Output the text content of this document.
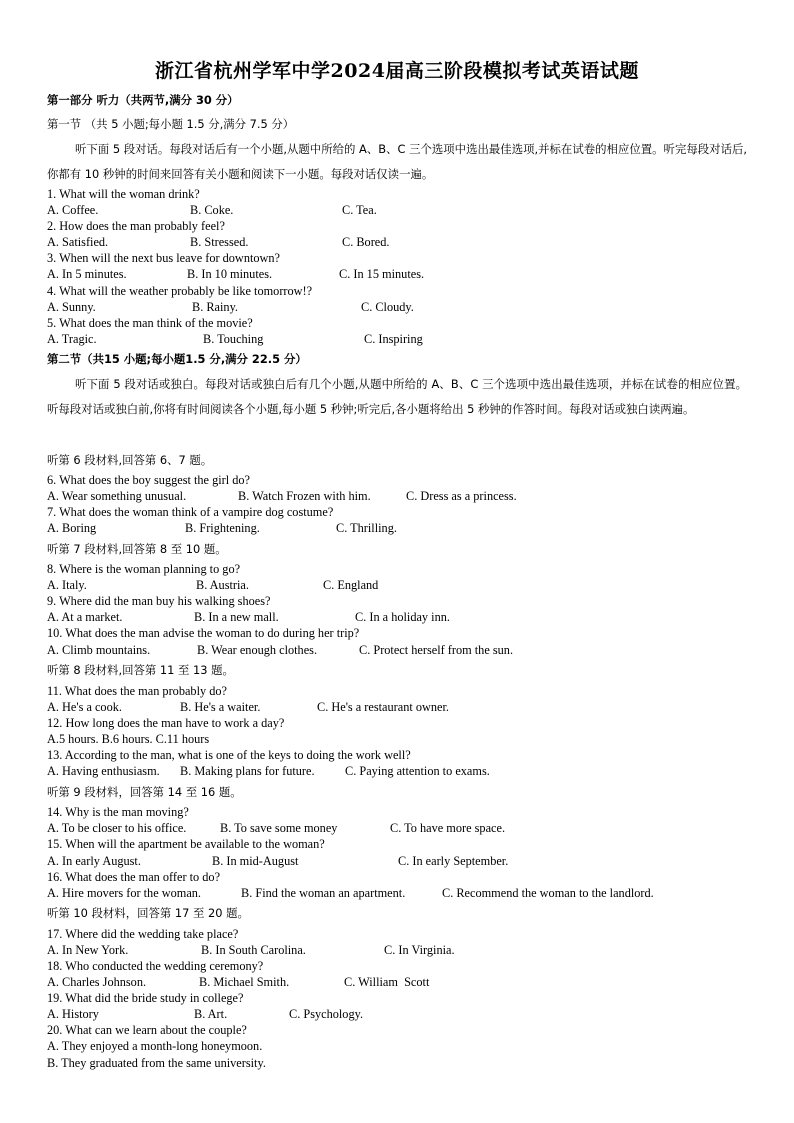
浙江省杭州学军中学2024届高三阶段模拟考试英语试题
第一部分 听力（共两节,满分 30 分）
第一节 （共 5 小题;每小题 1.5 分,满分 7.5 分）
听下面 5 段对话。每段对话后有一个小题,从题中所给的 A、B、C 三个选项中选出最佳选项,并标在试卷的相应位置。听完每段对话后,你都有 10 秒钟的时间来回答有关小题和阅读下一小题。每段对话仅读一遍。
1. What will the woman drink?
A. Coffee.	B. Coke.	C. Tea.
2. How does the man probably feel?
A. Satisfied.	B. Stressed.	C. Bored.
3. When will the next bus leave for downtown?
A. In 5 minutes.	B. In 10 minutes.	C. In 15 minutes.
4. What will the weather probably be like tomorrow!?
A. Sunny.	B. Rainy.	C. Cloudy.
5. What does the man think of the movie?
A. Tragic.	B. Touching	C. Inspiring
第二节（共15 小题;每小题1.5 分,满分 22.5 分）
听下面 5 段对话或独白。每段对话或独白后有几个小题,从题中所给的 A、B、C 三个选项中选出最佳选项，并标在试卷的相应位置。听每段对话或独白前,你将有时间阅读各个小题,每小题 5 秒钟;听完后,各小题将给出 5 秒钟的作答时间。每段对话或独白读两遍。
听第 6 段材料,回答第 6、7 题。
6. What does the boy suggest the girl do?
A. Wear something unusual.	B. Watch Frozen with him.	C. Dress as a princess.
7. What does the woman think of a vampire dog costume?
A. Boring	B. Frightening.	C. Thrilling.
听第 7 段材料,回答第 8 至 10 题。
8. Where is the woman planning to go?
A. Italy.	B. Austria.	C. England
9. Where did the man buy his walking shoes?
A. At a market.	B. In a new mall.	C. In a holiday inn.
10. What does the man advise the woman to do during her trip?
A. Climb mountains.	B. Wear enough clothes.	C. Protect herself from the sun.
听第 8 段材料,回答第 11 至 13 题。
11. What does the man probably do?
A. He's a cook.	B. He's a waiter.	C. He's a restaurant owner.
12. How long does the man have to work a day?
A.5 hours. B.6 hours. C.11 hours
13. According to the man, what is one of the keys to doing the work well?
A. Having enthusiasm. B. Making plans for future. C. Paying attention to exams.
听第 9 段材料，回答第 14 至 16 题。
14. Why is the man moving?
A. To be closer to his office.	B. To save some money	C. To have more space.
15. When will the apartment be available to the woman?
A. In early August.	B. In mid-August	C. In early September.
16. What does the man offer to do?
A. Hire movers for the woman.	B. Find the woman an apartment.	C. Recommend the woman to the landlord.
听第 10 段材料，回答第 17 至 20 题。
17. Where did the wedding take place?
A. In New York.	B. In South Carolina.	C. In Virginia.
18. Who conducted the wedding ceremony?
A. Charles Johnson.	B. Michael Smith.	C. William  Scott
19. What did the bride study in college?
A. History	B. Art.	C. Psychology.
20. What can we learn about the couple?
A. They enjoyed a month-long honeymoon.
B. They graduated from the same university.
